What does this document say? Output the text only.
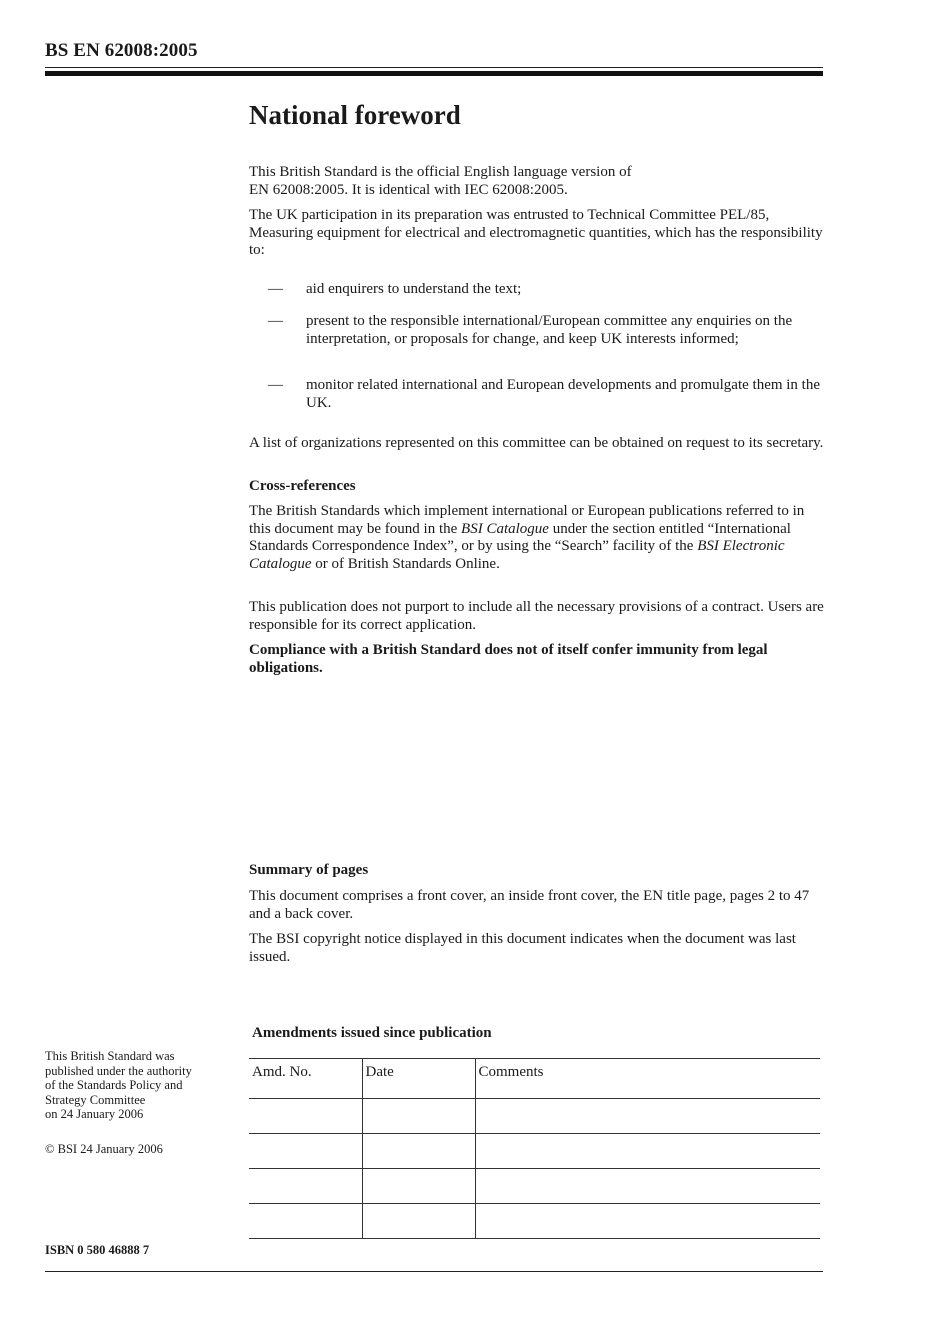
BS EN 62008:2005
National foreword
This British Standard is the official English language version of
EN 62008:2005. It is identical with IEC 62008:2005.
The UK participation in its preparation was entrusted to Technical Committee PEL/85, Measuring equipment for electrical and electromagnetic quantities, which has the responsibility to:
— aid enquirers to understand the text;
— present to the responsible international/European committee any enquiries on the interpretation, or proposals for change, and keep UK interests informed;
— monitor related international and European developments and promulgate them in the UK.
A list of organizations represented on this committee can be obtained on request to its secretary.
Cross-references
The British Standards which implement international or European publications referred to in this document may be found in the BSI Catalogue under the section entitled “International Standards Correspondence Index”, or by using the “Search” facility of the BSI Electronic Catalogue or of British Standards Online.
This publication does not purport to include all the necessary provisions of a contract. Users are responsible for its correct application.
Compliance with a British Standard does not of itself confer immunity from legal obligations.
Summary of pages
This document comprises a front cover, an inside front cover, the EN title page, pages 2 to 47 and a back cover.
The BSI copyright notice displayed in this document indicates when the document was last issued.
This British Standard was
published under the authority
of the Standards Policy and
Strategy Committee
on 24 January 2006
© BSI 24 January 2006
Amendments issued since publication
Amd. No.	Date	Comments

ISBN 0 580 46888 7
